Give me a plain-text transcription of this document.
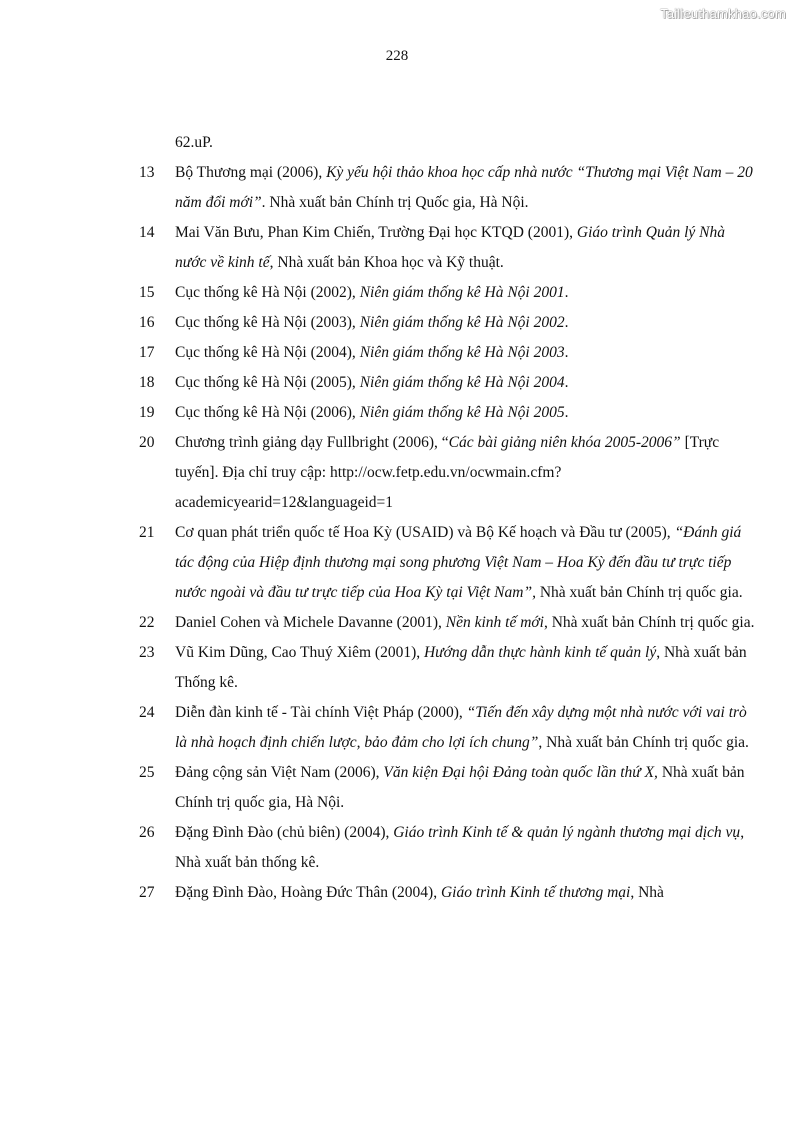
Tailieuthamkhao.com
228
62.uP.
13	Bộ Thương mại (2006), Kỳ yếu hội thảo khoa học cấp nhà nước “Thương mại Việt Nam – 20 năm đổi mới”. Nhà xuất bản Chính trị Quốc gia, Hà Nội.
14	Mai Văn Bưu, Phan Kim Chiến, Trường Đại học KTQD (2001), Giáo trình Quản lý Nhà nước về kinh tế, Nhà xuất bản Khoa học và Kỹ thuật.
15	Cục thống kê Hà Nội (2002), Niên giám thống kê Hà Nội 2001.
16	Cục thống kê Hà Nội (2003), Niên giám thống kê Hà Nội 2002.
17	Cục thống kê Hà Nội (2004), Niên giám thống kê Hà Nội 2003.
18	Cục thống kê Hà Nội (2005), Niên giám thống kê Hà Nội 2004.
19	Cục thống kê Hà Nội (2006), Niên giám thống kê Hà Nội 2005.
20	Chương trình giảng dạy Fullbright (2006), “Các bài giảng niên khóa 2005-2006” [Trực tuyến]. Địa chỉ truy cập: http://ocw.fetp.edu.vn/ocwmain.cfm?academicyearid=12&languageid=1
21	Cơ quan phát triển quốc tế Hoa Kỳ (USAID) và Bộ Kế hoạch và Đầu tư (2005), “Đánh giá tác động của Hiệp định thương mại song phương Việt Nam – Hoa Kỳ đến đầu tư trực tiếp nước ngoài và đầu tư trực tiếp của Hoa Kỳ tại Việt Nam”, Nhà xuất bản Chính trị quốc gia.
22	Daniel Cohen và Michele Davanne (2001), Nền kinh tế mới, Nhà xuất bản Chính trị quốc gia.
23	Vũ Kim Dũng, Cao Thuý Xiêm (2001), Hướng dẫn thực hành kinh tế quản lý, Nhà xuất bản Thống kê.
24	Diễn đàn kinh tế - Tài chính Việt Pháp (2000), “Tiến đến xây dựng một nhà nước với vai trò là nhà hoạch định chiến lược, bảo đảm cho lợi ích chung”, Nhà xuất bản Chính trị quốc gia.
25	Đảng cộng sản Việt Nam (2006), Văn kiện Đại hội Đảng toàn quốc lần thứ X, Nhà xuất bản Chính trị quốc gia, Hà Nội.
26	Đặng Đình Đào (chủ biên) (2004), Giáo trình Kinh tế & quản lý ngành thương mại dịch vụ, Nhà xuất bản thống kê.
27	Đặng Đình Đào, Hoàng Đức Thân (2004), Giáo trình Kinh tế thương mại, Nhà
